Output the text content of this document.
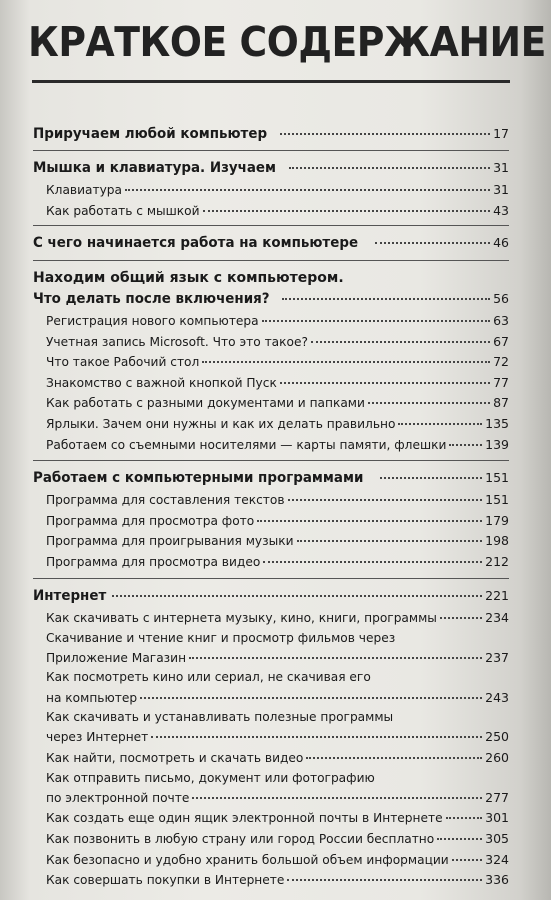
КРАТКОЕ СОДЕРЖАНИЕ
Приручаем любой компьютер	17
Мышка и клавиатура. Изучаем	31
Клавиатура	31
Как работать с мышкой	43
С чего начинается работа на компьютере	46
Находим общий язык с компьютером.
Что делать после включения?	56
Регистрация нового компьютера	63
Учетная запись Microsoft. Что это такое?	67
Что такое Рабочий стол	72
Знакомство с важной кнопкой Пуск	77
Как работать с разными документами и папками	87
Ярлыки. Зачем они нужны и как их делать правильно	135
Работаем со съемными носителями — карты памяти, флешки	139
Работаем с компьютерными программами	151
Программа для составления текстов	151
Программа для просмотра фото	179
Программа для проигрывания музыки	198
Программа для просмотра видео	212
Интернет	221
Как скачивать с интернета музыку, кино, книги, программы	234
Скачивание и чтение книг и просмотр фильмов через
Приложение Магазин	237
Как посмотреть кино или сериал, не скачивая его
на компьютер	243
Как скачивать и устанавливать полезные программы
через Интернет	250
Как найти, посмотреть и скачать видео	260
Как отправить письмо, документ или фотографию
по электронной почте	277
Как создать еще один ящик электронной почты в Интернете	301
Как позвонить в любую страну или город России бесплатно	305
Как безопасно и удобно хранить большой объем информации	324
Как совершать покупки в Интернете	336
